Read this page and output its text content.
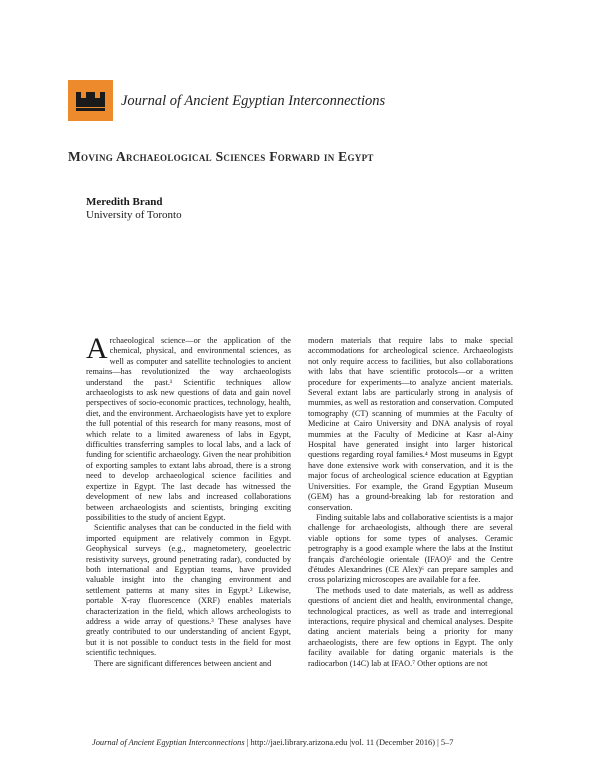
Journal of Ancient Egyptian Interconnections
Moving Archaeological Sciences Forward in Egypt
Meredith Brand
University of Toronto

Archaeological science—or the application of the chemical, physical, and environmental sciences, as well as computer and satellite technologies to ancient remains—has revolutionized the way archaeologists understand the past.¹ Scientific techniques allow archaeologists to ask new questions of data and gain novel perspectives of socio-economic practices, technology, health, diet, and the environment. Archaeologists have yet to explore the full potential of this research for many reasons, most of which relate to a limited awareness of labs in Egypt, difficulties transferring samples to local labs, and a lack of funding for scientific archaeology. Given the near prohibition of exporting samples to extant labs abroad, there is a strong need to develop archaeological science facilities and expertize in Egypt. The last decade has witnessed the development of new labs and increased collaborations between archaeologists and scientists, bringing exciting possibilities to the study of ancient Egypt.

Scientific analyses that can be conducted in the field with imported equipment are relatively common in Egypt. Geophysical surveys (e.g., magnetometery, geoelectric resistivity surveys, ground penetrating radar), conducted by both international and Egyptian teams, have provided valuable insight into the changing environment and settlement patterns at many sites in Egypt.² Likewise, portable X-ray fluorescence (XRF) enables materials characterization in the field, which allows archeologists to address a wide array of questions.³ These analyses have greatly contributed to our understanding of ancient Egypt, but it is not possible to conduct tests in the field for most scientific techniques.

There are significant differences between ancient and

modern materials that require labs to make special accommodations for archeological science. Archaeologists not only require access to facilities, but also collaborations with labs that have scientific protocols—or a written procedure for experiments—to analyze ancient materials. Several extant labs are particularly strong in analysis of mummies, as well as restoration and conservation. Computed tomography (CT) scanning of mummies at the Faculty of Medicine at Cairo University and DNA analysis of royal mummies at the Faculty of Medicine at Kasr al-Ainy Hospital have generated insight into larger historical questions regarding royal families.⁴ Most museums in Egypt have done extensive work with conservation, and it is the major focus of archeological science education at Egyptian Universities. For example, the Grand Egyptian Museum (GEM) has a ground-breaking lab for restoration and conservation.

Finding suitable labs and collaborative scientists is a major challenge for archaeologists, although there are several viable options for some types of analyses. Ceramic petrography is a good example where the labs at the Institut français d'archéologie orientale (IFAO)⁵ and the Centre d'études Alexandrines (CE Alex)⁶ can prepare samples and cross polarizing microscopes are available for a fee.

The methods used to date materials, as well as address questions of ancient diet and health, environmental change, technological practices, as well as trade and interregional interactions, require physical and chemical analyses. Despite dating ancient materials being a priority for many archaeologists, there are few options in Egypt. The only facility available for dating organic materials is the radiocarbon (14C) lab at IFAO.⁷ Other options are not

Journal of Ancient Egyptian Interconnections | http://jaei.library.arizona.edu |vol. 11 (December 2016) | 5–7
